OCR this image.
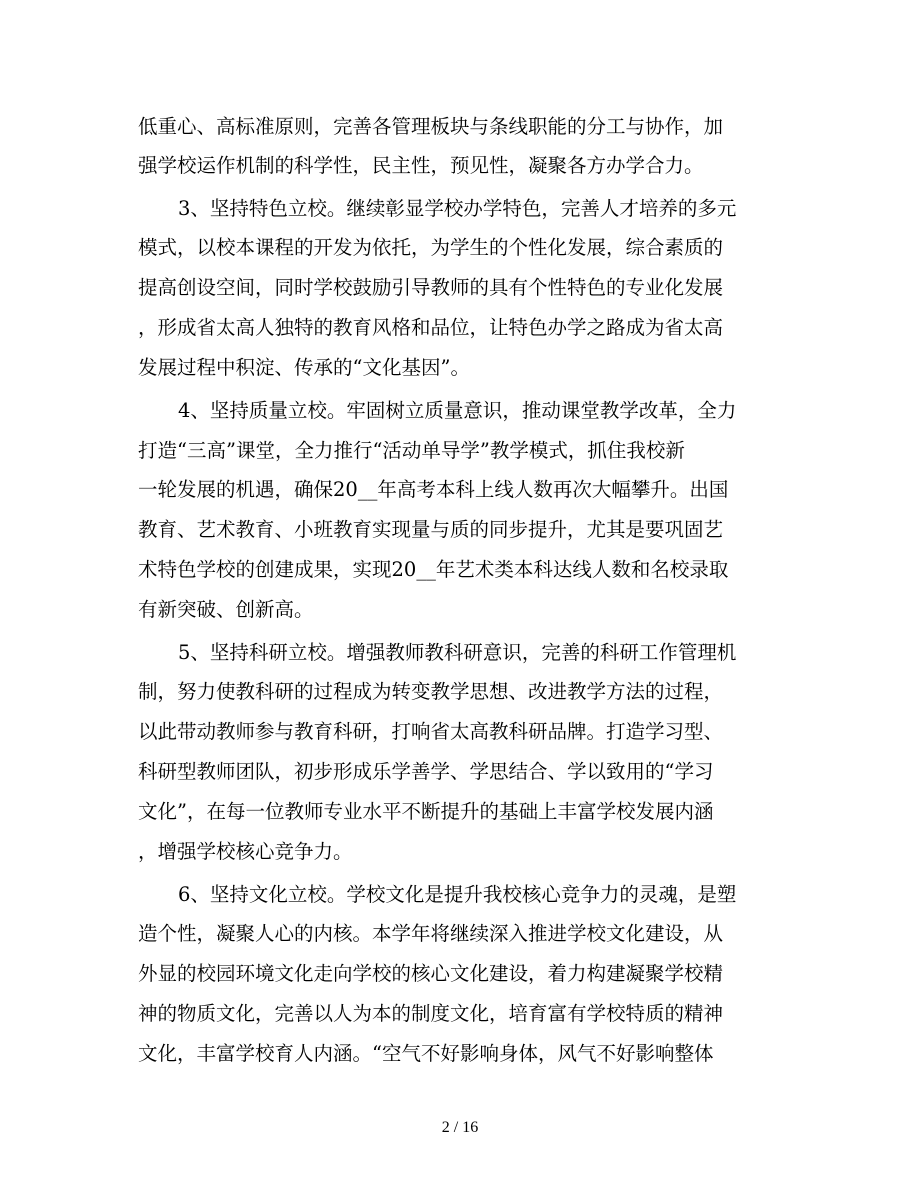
低重心、高标准原则，完善各管理板块与条线职能的分工与协作，加
强学校运作机制的科学性，民主性，预见性，凝聚各方办学合力。
3、坚持特色立校。继续彰显学校办学特色，完善人才培养的多元
模式，以校本课程的开发为依托，为学生的个性化发展，综合素质的
提高创设空间，同时学校鼓励引导教师的具有个性特色的专业化发展
，形成省太高人独特的教育风格和品位，让特色办学之路成为省太高
发展过程中积淀、传承的“文化基因”。
4、坚持质量立校。牢固树立质量意识，推动课堂教学改革，全力
打造“三高”课堂，全力推行“活动单导学”教学模式，抓住我校新
一轮发展的机遇，确保20__年高考本科上线人数再次大幅攀升。出国
教育、艺术教育、小班教育实现量与质的同步提升，尤其是要巩固艺
术特色学校的创建成果，实现20__年艺术类本科达线人数和名校录取
有新突破、创新高。
5、坚持科研立校。增强教师教科研意识，完善的科研工作管理机
制，努力使教科研的过程成为转变教学思想、改进教学方法的过程，
以此带动教师参与教育科研，打响省太高教科研品牌。打造学习型、
科研型教师团队，初步形成乐学善学、学思结合、学以致用的“学习
文化”，在每一位教师专业水平不断提升的基础上丰富学校发展内涵
，增强学校核心竞争力。
6、坚持文化立校。学校文化是提升我校核心竞争力的灵魂，是塑
造个性，凝聚人心的内核。本学年将继续深入推进学校文化建设，从
外显的校园环境文化走向学校的核心文化建设，着力构建凝聚学校精
神的物质文化，完善以人为本的制度文化，培育富有学校特质的精神
文化，丰富学校育人内涵。“空气不好影响身体，风气不好影响整体
2 / 16
